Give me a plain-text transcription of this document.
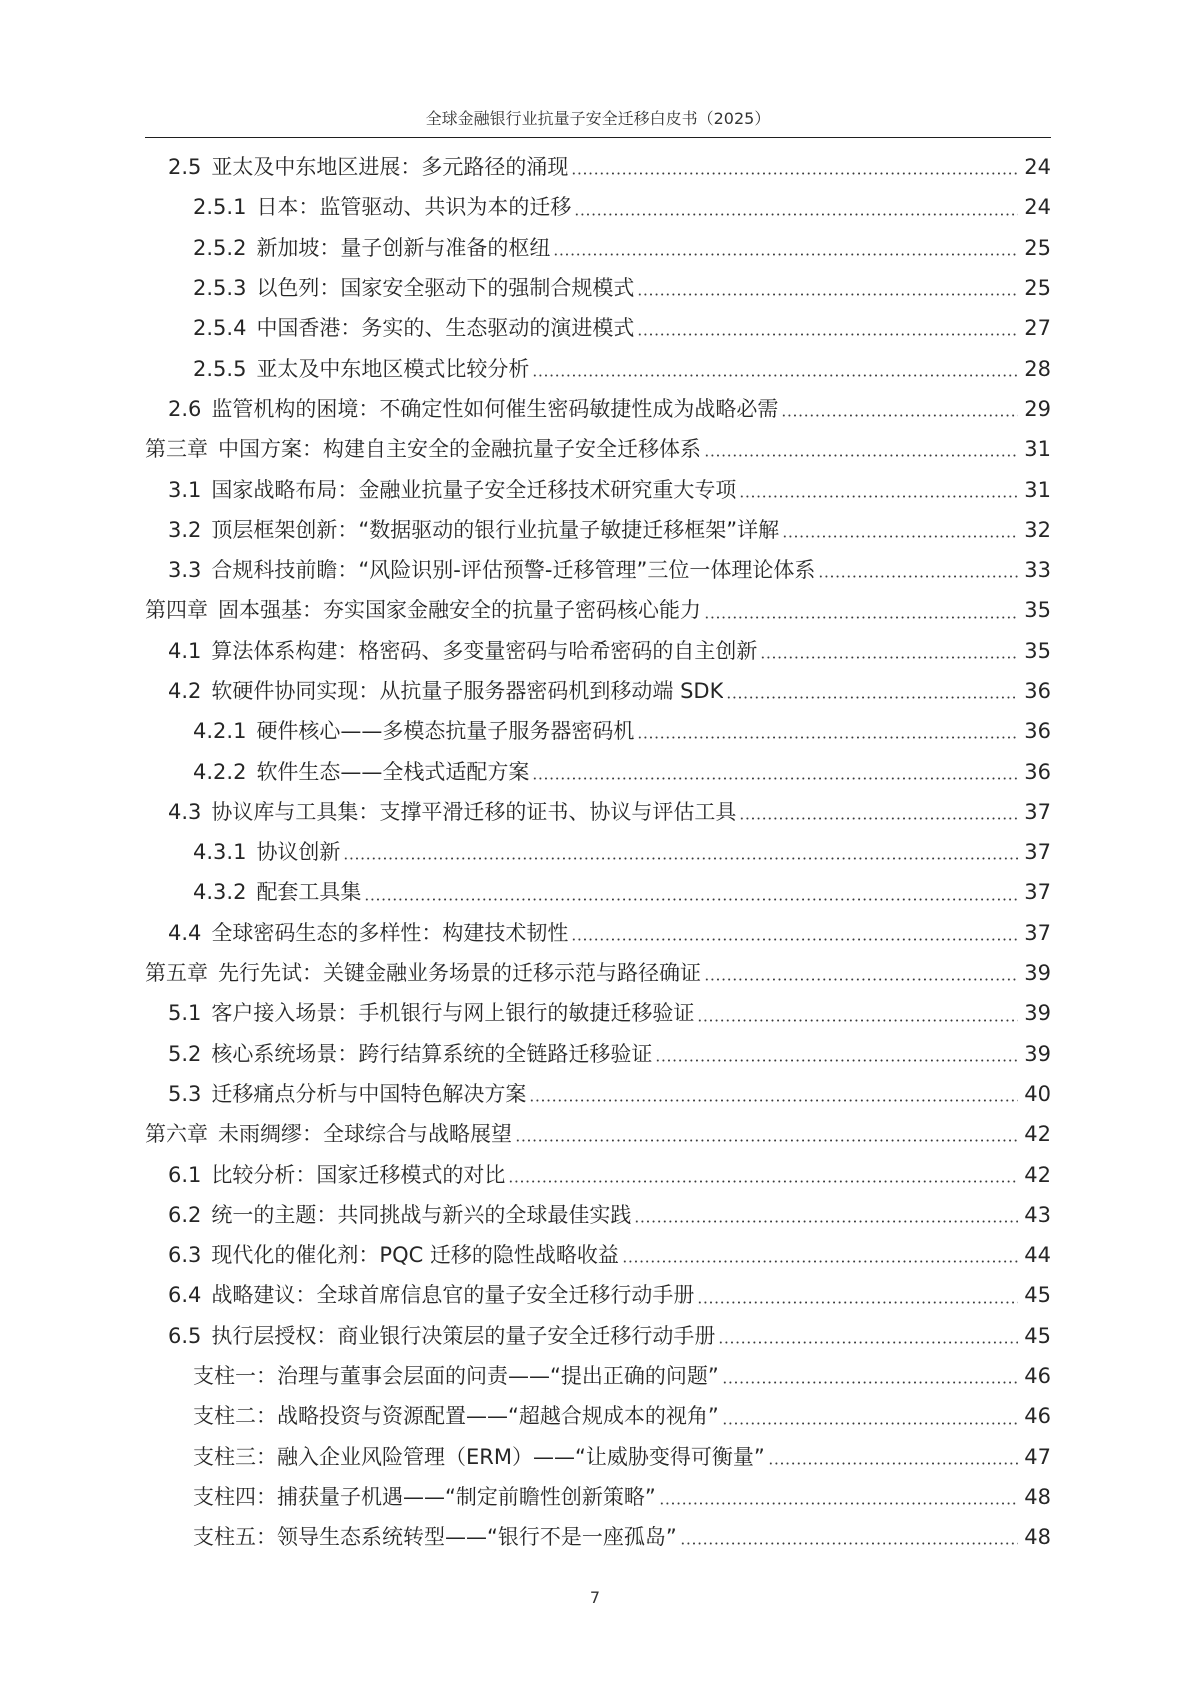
全球金融银行业抗量子安全迁移白皮书（2025）
2.5 亚太及中东地区进展：多元路径的涌现	24
2.5.1 日本：监管驱动、共识为本的迁移	24
2.5.2 新加坡：量子创新与准备的枢纽	25
2.5.3 以色列：国家安全驱动下的强制合规模式	25
2.5.4 中国香港：务实的、生态驱动的演进模式	27
2.5.5 亚太及中东地区模式比较分析	28
2.6 监管机构的困境：不确定性如何催生密码敏捷性成为战略必需	29
第三章 中国方案：构建自主安全的金融抗量子安全迁移体系	31
3.1 国家战略布局：金融业抗量子安全迁移技术研究重大专项	31
3.2 顶层框架创新：“数据驱动的银行业抗量子敏捷迁移框架”详解	32
3.3 合规科技前瞻：“风险识别-评估预警-迁移管理”三位一体理论体系	33
第四章 固本强基：夯实国家金融安全的抗量子密码核心能力	35
4.1 算法体系构建：格密码、多变量密码与哈希密码的自主创新	35
4.2 软硬件协同实现：从抗量子服务器密码机到移动端 SDK	36
4.2.1 硬件核心——多模态抗量子服务器密码机	36
4.2.2 软件生态——全栈式适配方案	36
4.3 协议库与工具集：支撑平滑迁移的证书、协议与评估工具	37
4.3.1 协议创新	37
4.3.2 配套工具集	37
4.4 全球密码生态的多样性：构建技术韧性	37
第五章 先行先试：关键金融业务场景的迁移示范与路径确证	39
5.1 客户接入场景：手机银行与网上银行的敏捷迁移验证	39
5.2 核心系统场景：跨行结算系统的全链路迁移验证	39
5.3 迁移痛点分析与中国特色解决方案	40
第六章 未雨绸缪：全球综合与战略展望	42
6.1 比较分析：国家迁移模式的对比	42
6.2 统一的主题：共同挑战与新兴的全球最佳实践	43
6.3 现代化的催化剂：PQC 迁移的隐性战略收益	44
6.4 战略建议：全球首席信息官的量子安全迁移行动手册	45
6.5 执行层授权：商业银行决策层的量子安全迁移行动手册	45
支柱一：治理与董事会层面的问责——“提出正确的问题”	46
支柱二：战略投资与资源配置——“超越合规成本的视角”	46
支柱三：融入企业风险管理（ERM）——“让威胁变得可衡量”	47
支柱四：捕获量子机遇——“制定前瞻性创新策略”	48
支柱五：领导生态系统转型——“银行不是一座孤岛”	48
7
